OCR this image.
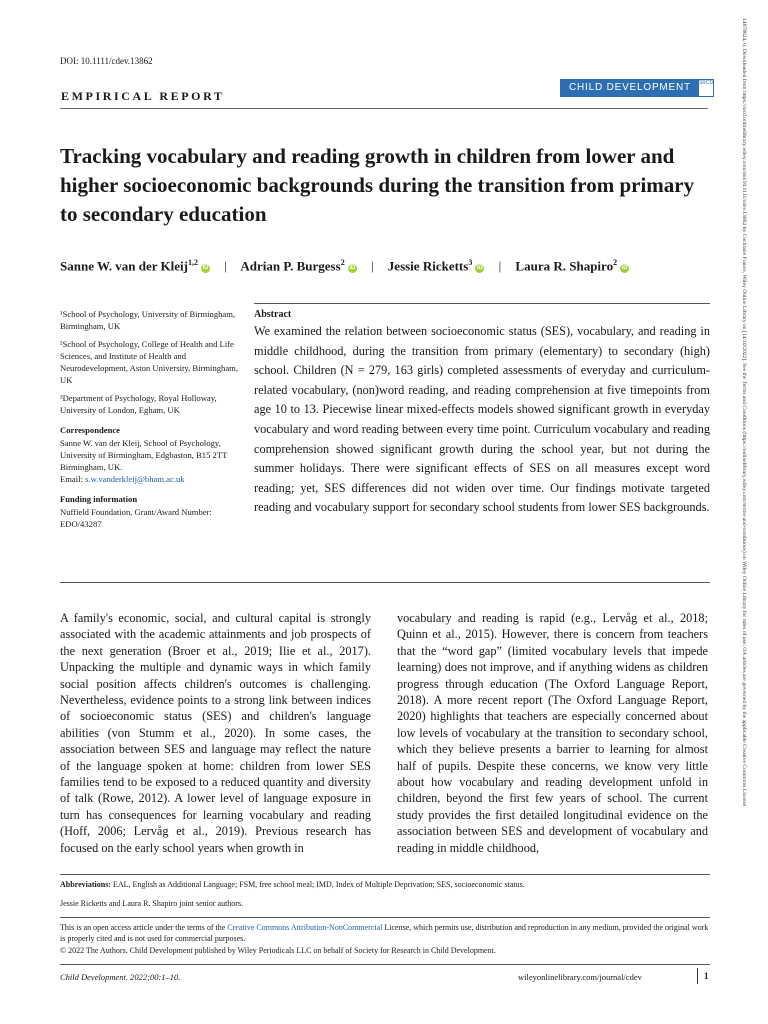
DOI: 10.1111/cdev.13862
EMPIRICAL REPORT
CHILD DEVELOPMENT	SRCD
Tracking vocabulary and reading growth in children from lower and higher socioeconomic backgrounds during the transition from primary to secondary education
Sanne W. van der Kleij$^{1,2}$iD | Adrian P. Burgess$^2$iD | Jessie Ricketts$^3$iD | Laura R. Shapiro$^2$iD

¹School of Psychology, University of Birmingham, Birmingham, UK

²School of Psychology, College of Health and Life Sciences, and Institute of Health and Neurodevelopment, Aston University, Birmingham, UK

³Department of Psychology, Royal Holloway, University of London, Egham, UK

Correspondence

Sanne W. van der Kleij, School of Psychology, University of Birmingham, Edgbaston, B15 2TT Birmingham, UK.
Email: s.w.vanderkleij@bham.ac.uk

Funding information

Nuffield Foundation, Grant/Award Number: EDO/43287

Abstract

We examined the relation between socioeconomic status (SES), vocabulary, and reading in middle childhood, during the transition from primary (elementary) to secondary (high) school. Children (N = 279, 163 girls) completed assessments of everyday and curriculum-related vocabulary, (non)word reading, and reading comprehension at five timepoints from age 10 to 13. Piecewise linear mixed-effects models showed significant growth in everyday vocabulary and word reading between every time point. Curriculum vocabulary and reading comprehension showed significant growth during the school year, but not during the summer holidays. There were significant effects of SES on all measures except word reading; yet, SES differences did not widen over time. Our findings motivate targeted reading and vocabulary support for secondary school students from lower SES backgrounds.

A family's economic, social, and cultural capital is strongly associated with the academic attainments and job prospects of the next generation (Broer et al., 2019; Ilie et al., 2017). Unpacking the multiple and dynamic ways in which family social position affects children's outcomes is challenging. Nevertheless, evidence points to a strong link between indices of socioeconomic status (SES) and children's language abilities (von Stumm et al., 2020). In some cases, the association between SES and language may reflect the nature of the language spoken at home: children from lower SES families tend to be exposed to a reduced quantity and diversity of talk (Rowe, 2012). A lower level of language exposure in turn has consequences for learning vocabulary and reading (Hoff, 2006; Lervåg et al., 2019). Previous research has focused on the early school years when growth in

vocabulary and reading is rapid (e.g., Lervåg et al., 2018; Quinn et al., 2015). However, there is concern from teachers that the “word gap” (limited vocabulary levels that impede learning) does not improve, and if anything widens as children progress through education (The Oxford Language Report, 2018). A more recent report (The Oxford Language Report, 2020) highlights that teachers are especially concerned about low levels of vocabulary at the transition to secondary school, which they believe presents a barrier to learning for almost half of pupils. Despite these concerns, we know very little about how vocabulary and reading development unfold in children, beyond the first few years of school. The current study provides the first detailed longitudinal evidence on the association between SES and development of vocabulary and reading in middle childhood,

Abbreviations: EAL, English as Additional Language; FSM, free school meal; IMD, Index of Multiple Deprivation; SES, socioeconomic status.
Jessie Ricketts and Laura R. Shapiro joint senior authors.
This is an open access article under the terms of the Creative Commons Attribution-NonCommercial License, which permits use, distribution and reproduction in any medium, provided the original work is properly cited and is not used for commercial purposes.
© 2022 The Authors. Child Development published by Wiley Periodicals LLC on behalf of Society for Research in Child Development.
Child Development. 2022;00:1–10.	wileyonlinelibrary.com/journal/cdev	1
14678624, 0, Downloaded from https://srcd.onlinelibrary.wiley.com/doi/10.1111/cdev.13862 by Cochrane France, Wiley Online Library on [14/10/2022]. See the Terms and Conditions (https://onlinelibrary.wiley.com/terms-and-conditions) on Wiley Online Library for rules of use; OA articles are governed by the applicable Creative Commons License
